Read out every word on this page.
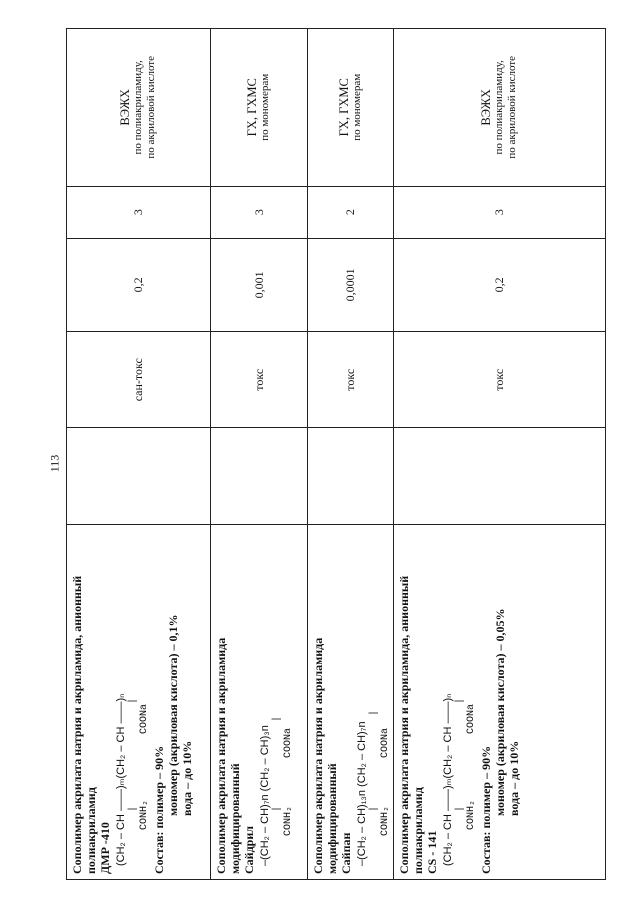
113
Сополимер акрилата натрия и акриламида, анионный полиакриламид ДМР -410 (CH₂ – CH ——)ₘ(CH₂ – CH ——)ₙ |                 |
CONH₂           COONa
Состав: полимер – 90% мономер (акриловая кислота) – 0,1% вода – до 10%
сан-токс
0,2
3
ВЭЖХ по полиакриламиду, по акриловой кислоте
Сополимер акрилата натрия и акриламида модифицированный Сайдрил –(CH₂ – CH)₇n (CH₂ – CH)₃n |              |
CONH₂        COONa
токс
0,001
3
ГХ, ГХМС по мономерам
Сополимер акрилата натрия и акриламида модифицированный Сайпан –(CH₂ – CH)₁₃n (CH₂ – CH)₇n |               |
CONH₂        COONa
токс
0,0001
2
ГХ, ГХМС по мономерам
Сополимер акрилата натрия и акриламида, анионный полиакриламид CS - 141 (CH₂ – CH ——)ₘ(CH₂ – CH ——)ₙ |                 |
CONH₂           COONa
Состав: полимер – 90% мономер (акриловая кислота) – 0,05% вода – до 10%
токс
0,2
3
ВЭЖХ по полиакриламиду, по акриловой кислоте
